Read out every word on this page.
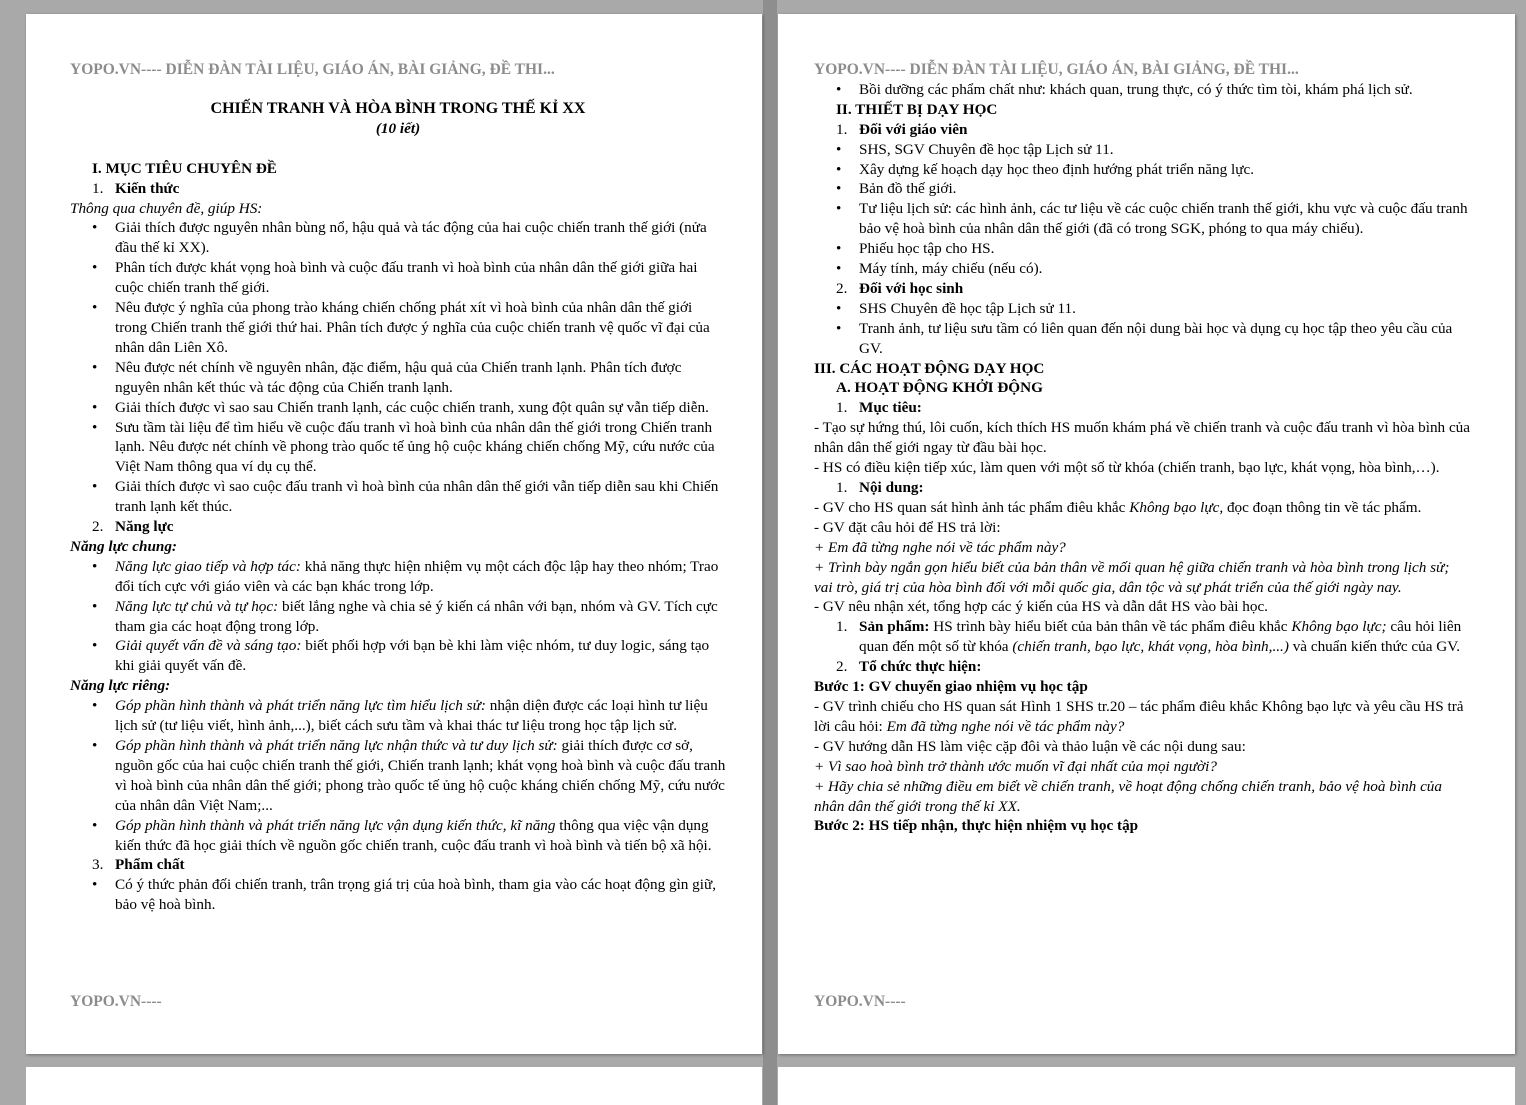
YOPO.VN---- DIỄN ĐÀN TÀI LIỆU, GIÁO ÁN, BÀI GIẢNG, ĐỀ THI...
CHIẾN TRANH VÀ HÒA BÌNH TRONG THẾ KỈ XX
(10 iết)
I. MỤC TIÊU CHUYÊN ĐỀ
1. Kiến thức
Thông qua chuyên đề, giúp HS:
• Giải thích được nguyên nhân bùng nổ, hậu quả và tác động của hai cuộc chiến tranh thế giới (nửa đầu thế kỉ XX).
• Phân tích được khát vọng hoà bình và cuộc đấu tranh vì hoà bình của nhân dân thế giới giữa hai cuộc chiến tranh thế giới.
• Nêu được ý nghĩa của phong trào kháng chiến chống phát xít vì hoà bình của nhân dân thế giới trong Chiến tranh thế giới thứ hai. Phân tích được ý nghĩa của cuộc chiến tranh vệ quốc vĩ đại của nhân dân Liên Xô.
• Nêu được nét chính về nguyên nhân, đặc điểm, hậu quả của Chiến tranh lạnh. Phân tích được nguyên nhân kết thúc và tác động của Chiến tranh lạnh.
• Giải thích được vì sao sau Chiến tranh lạnh, các cuộc chiến tranh, xung đột quân sự vẫn tiếp diễn.
• Sưu tầm tài liệu để tìm hiểu về cuộc đấu tranh vì hoà bình của nhân dân thế giới trong Chiến tranh lạnh. Nêu được nét chính về phong trào quốc tế ủng hộ cuộc kháng chiến chống Mỹ, cứu nước của Việt Nam thông qua ví dụ cụ thể.
• Giải thích được vì sao cuộc đấu tranh vì hoà bình của nhân dân thế giới vẫn tiếp diễn sau khi Chiến tranh lạnh kết thúc.
2. Năng lực
Năng lực chung:
• Năng lực giao tiếp và hợp tác: khả năng thực hiện nhiệm vụ một cách độc lập hay theo nhóm; Trao đổi tích cực với giáo viên và các bạn khác trong lớp.
• Năng lực tự chủ và tự học: biết lắng nghe và chia sẻ ý kiến cá nhân với bạn, nhóm và GV. Tích cực tham gia các hoạt động trong lớp.
• Giải quyết vấn đề và sáng tạo: biết phối hợp với bạn bè khi làm việc nhóm, tư duy logic, sáng tạo khi giải quyết vấn đề.
Năng lực riêng:
• Góp phần hình thành và phát triển năng lực tìm hiểu lịch sử: nhận diện được các loại hình tư liệu lịch sử (tư liệu viết, hình ảnh,...), biết cách sưu tầm và khai thác tư liệu trong học tập lịch sử.
• Góp phần hình thành và phát triển năng lực nhận thức và tư duy lịch sử: giải thích được cơ sở, nguồn gốc của hai cuộc chiến tranh thế giới, Chiến tranh lạnh; khát vọng hoà bình và cuộc đấu tranh vì hoà bình của nhân dân thế giới; phong trào quốc tế ủng hộ cuộc kháng chiến chống Mỹ, cứu nước của nhân dân Việt Nam;...
• Góp phần hình thành và phát triển năng lực vận dụng kiến thức, kĩ năng thông qua việc vận dụng kiến thức đã học giải thích về nguồn gốc chiến tranh, cuộc đấu tranh vì hoà bình và tiến bộ xã hội.
3. Phẩm chất
• Có ý thức phản đối chiến tranh, trân trọng giá trị của hoà bình, tham gia vào các hoạt động gìn giữ, bảo vệ hoà bình.
YOPO.VN----
YOPO.VN---- DIỄN ĐÀN TÀI LIỆU, GIÁO ÁN, BÀI GIẢNG, ĐỀ THI...
• Bồi dưỡng các phẩm chất như: khách quan, trung thực, có ý thức tìm tòi, khám phá lịch sử.
II. THIẾT BỊ DẠY HỌC
1. Đối với giáo viên
• SHS, SGV Chuyên đề học tập Lịch sử 11.
• Xây dựng kế hoạch dạy học theo định hướng phát triển năng lực.
• Bản đồ thế giới.
• Tư liệu lịch sử: các hình ảnh, các tư liệu về các cuộc chiến tranh thế giới, khu vực và cuộc đấu tranh bảo vệ hoà bình của nhân dân thế giới (đã có trong SGK, phóng to qua máy chiếu).
• Phiếu học tập cho HS.
• Máy tính, máy chiếu (nếu có).
2. Đối với học sinh
• SHS Chuyên đề học tập Lịch sử 11.
• Tranh ảnh, tư liệu sưu tầm có liên quan đến nội dung bài học và dụng cụ học tập theo yêu cầu của GV.
III. CÁC HOẠT ĐỘNG DẠY HỌC
A. HOẠT ĐỘNG KHỞI ĐỘNG
1. Mục tiêu:
- Tạo sự hứng thú, lôi cuốn, kích thích HS muốn khám phá về chiến tranh và cuộc đấu tranh vì hòa bình của nhân dân thế giới ngay từ đầu bài học.
- HS có điều kiện tiếp xúc, làm quen với một số từ khóa (chiến tranh, bạo lực, khát vọng, hòa bình,…).
1. Nội dung:
- GV cho HS quan sát hình ảnh tác phẩm điêu khắc Không bạo lực, đọc đoạn thông tin về tác phẩm.
- GV đặt câu hỏi để HS trả lời:
+ Em đã từng nghe nói về tác phẩm này?
+ Trình bày ngắn gọn hiểu biết của bản thân về mối quan hệ giữa chiến tranh và hòa bình trong lịch sử; vai trò, giá trị của hòa bình đối với mỗi quốc gia, dân tộc và sự phát triển của thế giới ngày nay.
- GV nêu nhận xét, tổng hợp các ý kiến của HS và dẫn dắt HS vào bài học.
1. Sản phẩm: HS trình bày hiểu biết của bản thân về tác phẩm điêu khắc Không bạo lực; câu hỏi liên quan đến một số từ khóa (chiến tranh, bạo lực, khát vọng, hòa bình,...) và chuẩn kiến thức của GV.
2. Tổ chức thực hiện:
Bước 1: GV chuyển giao nhiệm vụ học tập
- GV trình chiếu cho HS quan sát Hình 1 SHS tr.20 – tác phẩm điêu khắc Không bạo lực và yêu cầu HS trả lời câu hỏi: Em đã từng nghe nói về tác phẩm này?
- GV hướng dẫn HS làm việc cặp đôi và thảo luận về các nội dung sau:
+ Vì sao hoà bình trở thành ước muốn vĩ đại nhất của mọi người?
+ Hãy chia sẻ những điều em biết về chiến tranh, về hoạt động chống chiến tranh, bảo vệ hoà bình của nhân dân thế giới trong thế kỉ XX.
Bước 2: HS tiếp nhận, thực hiện nhiệm vụ học tập
YOPO.VN----
